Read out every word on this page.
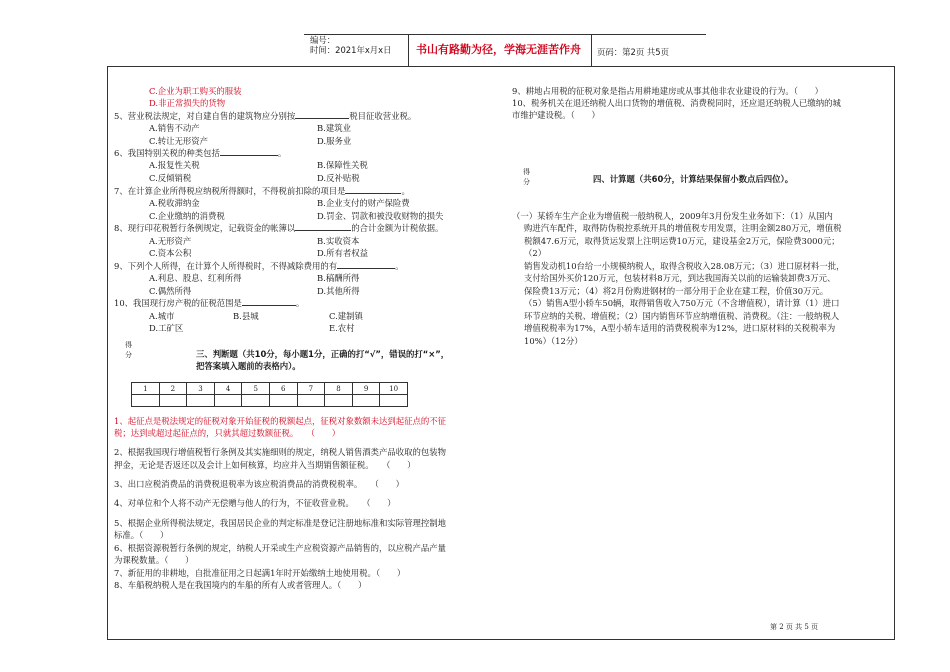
编号：
时间：2021年x月x日 书山有路勤为径，学海无涯苦作舟 页码：第2页 共5页
C.企业为职工购买的服装
D.非正常损失的货物
5、营业税法规定，对自建自售的建筑物应分别按	税目征收营业税。
A.销售不动产	B.建筑业
C.转让无形资产	D.服务业
6、我国特别关税的种类包括	。
A.报复性关税	B.保障性关税
C.反倾销税	D.反补贴税
7、在计算企业所得税应纳税所得额时，不得税前扣除的项目是	。
A.税收滞纳金	B.企业支付的财产保险费
C.企业缴纳的消费税	D.罚金、罚款和被没收财物的损失
8、现行印花税暂行条例规定，记载资金的帐簿以	的合计金额为计税依据。
A.无形资产	B.实收资本
C.资本公积	D.所有者权益
9、下列个人所得，在计算个人所得税时，不得减除费用的有	。
A.利息、股息、红利所得	B.稿酬所得
C.偶然所得	D.其他所得
10、我国现行房产税的征税范围是	。
A.城市	B.县城	C.建制镇
D.工矿区	E.农村
得
分	三、判断题（共10分，每小题1分，正确的打“√”，错误的打“×”，
把答案填入题前的表格内）。
1	2	3	4	5	6	7	8	9	10

1、起征点是税法规定的征税对象开始征税的税额起点，征税对象数额未达到起征点的不征
税；达到或超过起征点的，只就其超过数额征税。　　（　　）
2、根据我国现行增值税暂行条例及其实施细则的规定，纳税人销售酒类产品收取的包装物
押金，无论是否返还以及会计上如何核算，均应并入当期销售额征税。　　（　　）
3、出口应税消费品的消费税退税率为该应税消费品的消费税税率。　　（　　）
4、对单位和个人将不动产无偿赠与他人的行为，不征收营业税。　　（　　）
5、根据企业所得税法规定，我国居民企业的判定标准是登记注册地标准和实际管理控制地
标准。（　　）
6、根据资源税暂行条例的规定，纳税人开采或生产应税资源产品销售的，以应税产品产量
为课税数量。（　　）
7、新征用的非耕地，自批准征用之日起满1年时开始缴纳土地使用税。（　　）
8、车船税纳税人是在我国境内的车船的所有人或者管理人。（　　）
9、耕地占用税的征税对象是指占用耕地建房或从事其他非农业建设的行为。（　　）
10、税务机关在退还纳税人出口货物的增值税、消费税同时，还应退还纳税人已缴纳的城
市维护建设税。（　　）
得
分	四、计算题（共60分，计算结果保留小数点后四位）。
（一）某轿车生产企业为增值税一般纳税人，2009年3月份发生业务如下：（1）从国内
购进汽车配件，取得防伪税控系统开具的增值税专用发票，注明金额280万元，增值税
税额47.6万元，取得货运发票上注明运费10万元，建设基金2万元，保险费3000元；
（2）
销售发动机10台给一小规模纳税人，取得含税收入28.08万元；（3）进口原材料一批，
支付给国外买价120万元，包装材料8万元，到达我国海关以前的运输装卸费3万元、
保险费13万元；（4）将2月份购进钢材的一部分用于企业在建工程，价值30万元。
（5）销售A型小轿车50辆，取得销售收入750万元（不含增值税），请计算（1）进口
环节应纳的关税、增值税；（2）国内销售环节应纳增值税、消费税。（注：一般纳税人
增值税税率为17%，A型小轿车适用的消费税税率为12%，进口原材料的关税税率为
10%）（12分）
第 2 页 共 5 页
